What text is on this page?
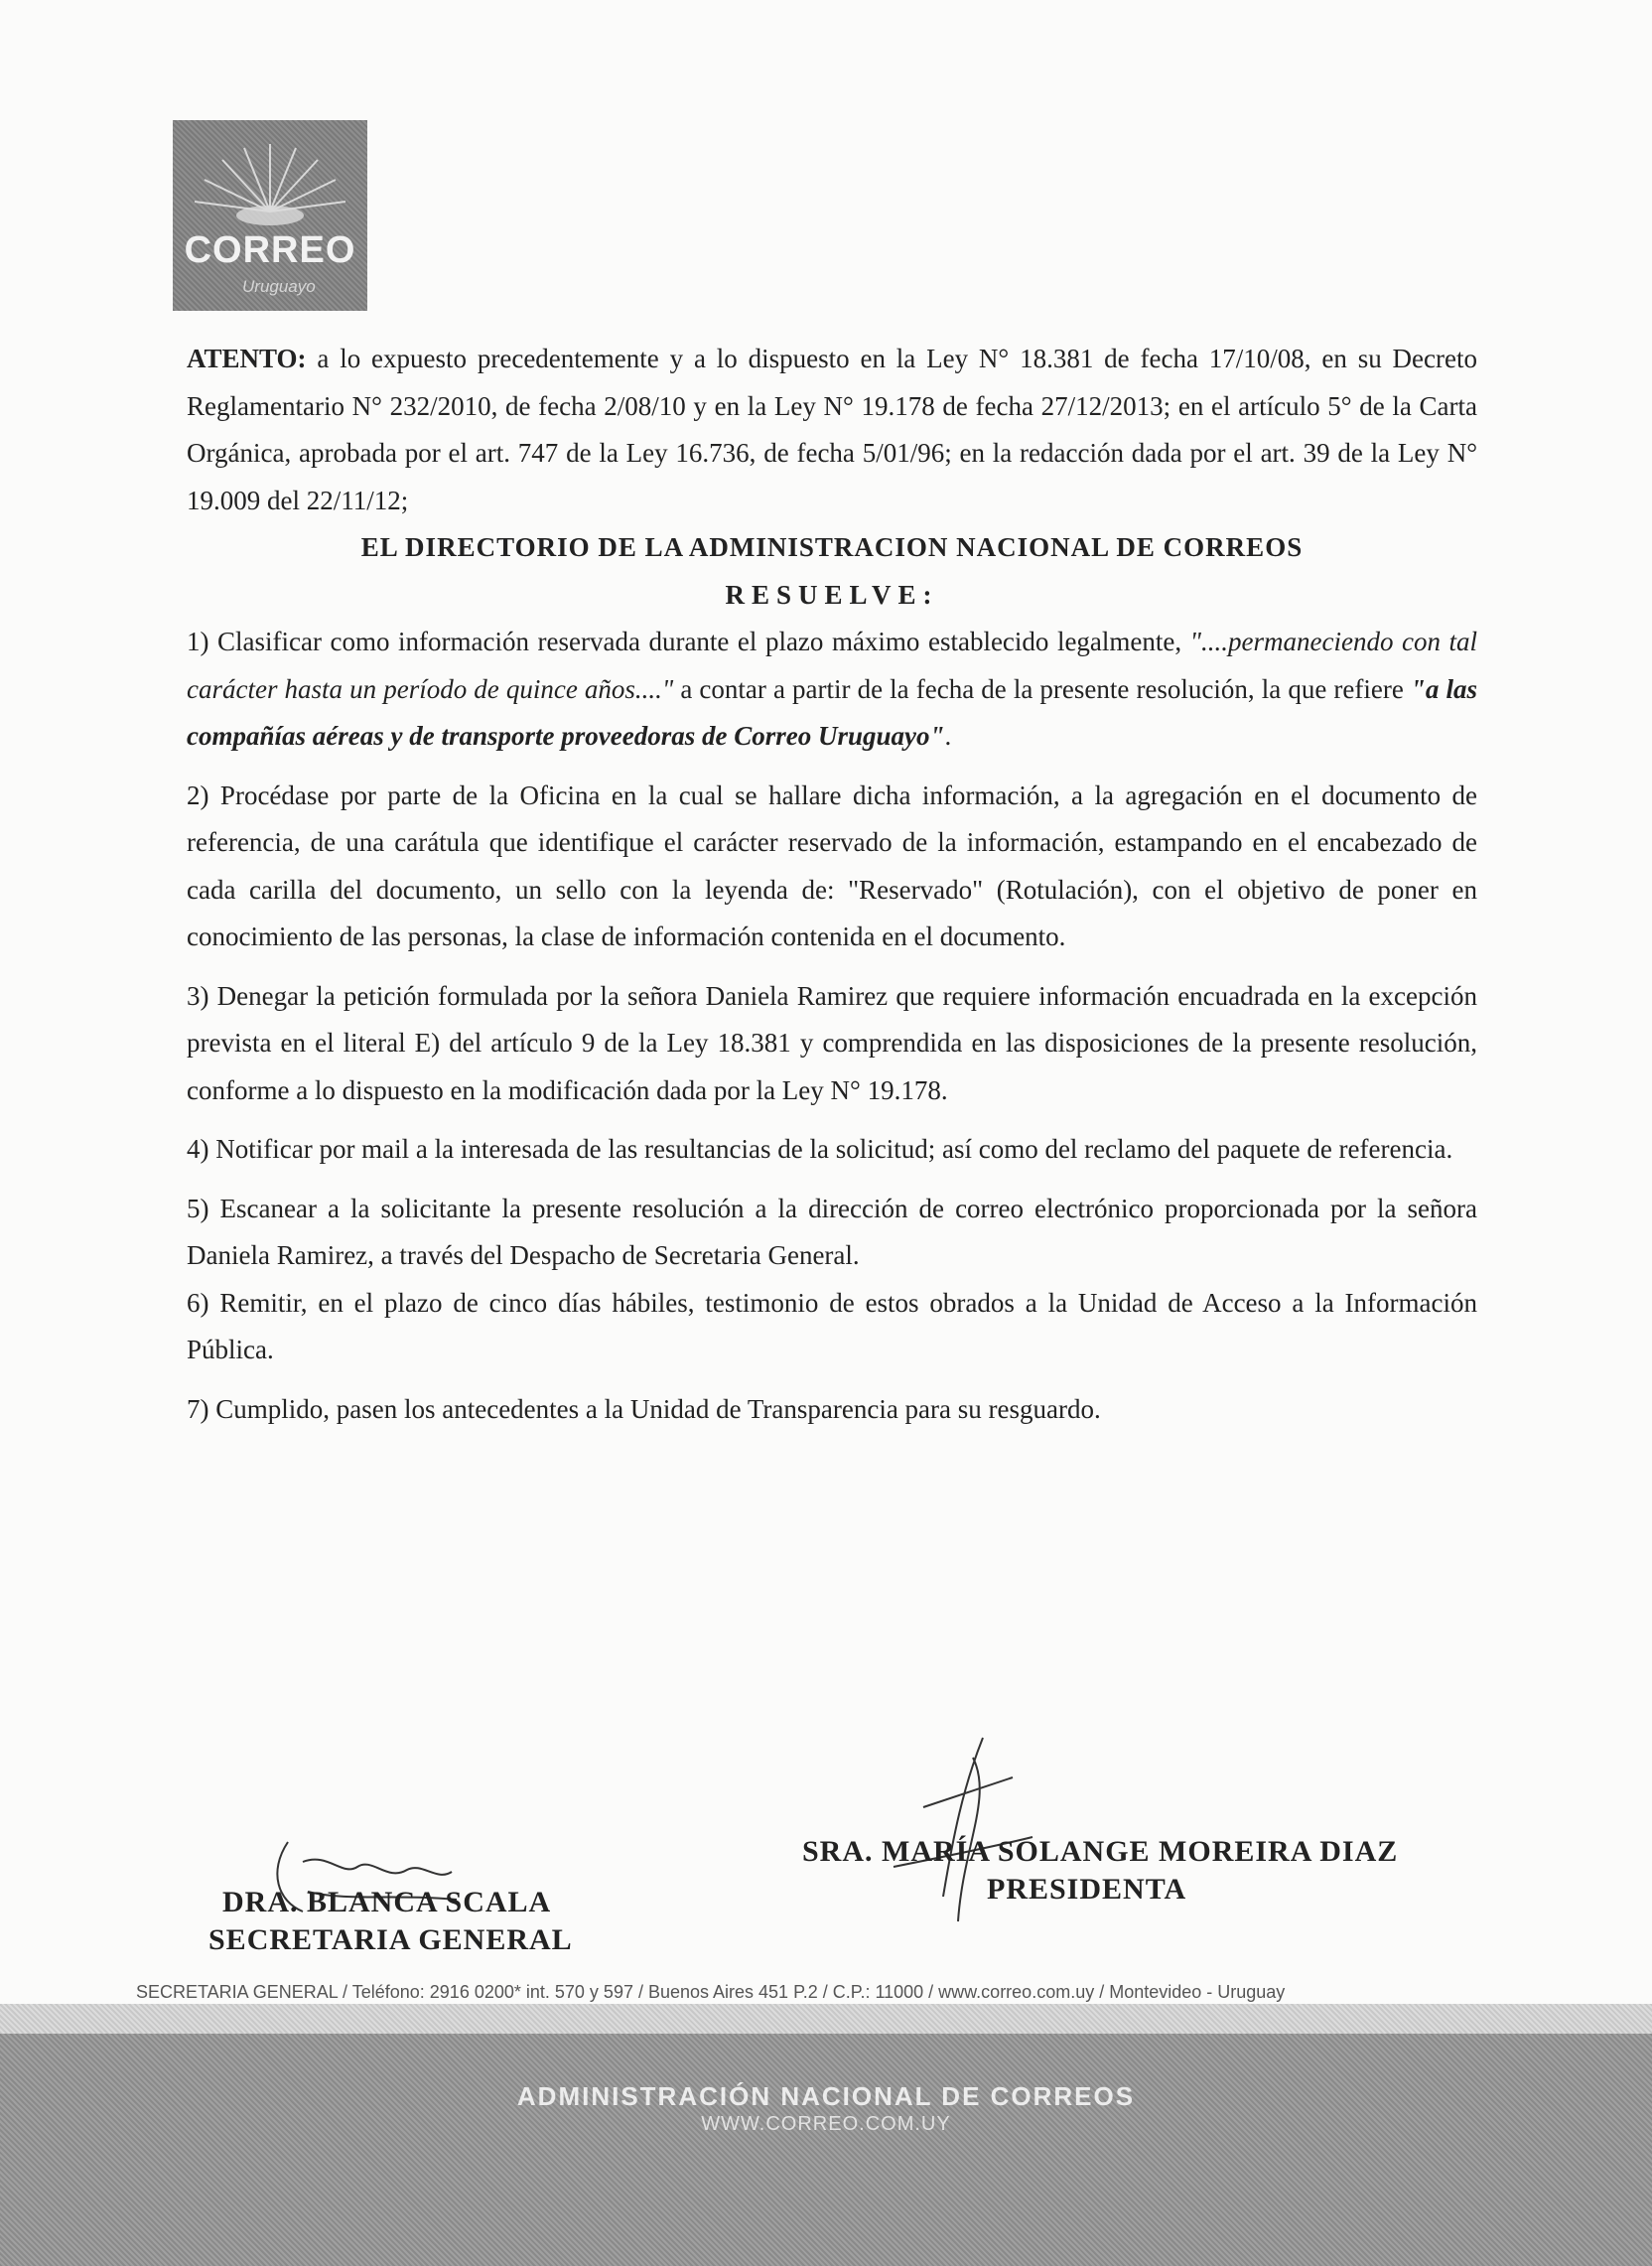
CORREO
Uruguayo

ATENTO: a lo expuesto precedentemente y a lo dispuesto en la Ley N° 18.381 de fecha 17/10/08, en su Decreto Reglamentario N° 232/2010, de fecha 2/08/10 y en la Ley N° 19.178 de fecha 27/12/2013; en el artículo 5° de la Carta Orgánica, aprobada por el art. 747 de la Ley 16.736, de fecha 5/01/96; en la redacción dada por el art. 39 de la Ley N° 19.009 del 22/11/12;

EL DIRECTORIO DE LA ADMINISTRACION NACIONAL DE CORREOS

RESUELVE:

1) Clasificar como información reservada durante el plazo máximo establecido legalmente, "....permaneciendo con tal carácter hasta un período de quince años...." a contar a partir de la fecha de la presente resolución, la que refiere "a las compañías aéreas y de transporte proveedoras de Correo Uruguayo".

2) Procédase por parte de la Oficina en la cual se hallare dicha información, a la agregación en el documento de referencia, de una carátula que identifique el carácter reservado de la información, estampando en el encabezado de cada carilla del documento, un sello con la leyenda de: "Reservado" (Rotulación), con el objetivo de poner en conocimiento de las personas, la clase de información contenida en el documento.

3) Denegar la petición formulada por la señora Daniela Ramirez que requiere información encuadrada en la excepción prevista en el literal E) del artículo 9 de la Ley 18.381 y comprendida en las disposiciones de la presente resolución, conforme a lo dispuesto en la modificación dada por la Ley N° 19.178.

4) Notificar por mail a la interesada de las resultancias de la solicitud; así como del reclamo del paquete de referencia.

5) Escanear a la solicitante la presente resolución a la dirección de correo electrónico proporcionada por la señora Daniela Ramirez, a través del Despacho de Secretaria General.

6) Remitir, en el plazo de cinco días hábiles, testimonio de estos obrados a la Unidad de Acceso a la Información Pública.

7) Cumplido, pasen los antecedentes a la Unidad de Transparencia para su resguardo.

DRA. BLANCA SCALA
SECRETARIA GENERAL
SRA. MARÍA SOLANGE MOREIRA DIAZ
PRESIDENTA
SECRETARIA GENERAL / Teléfono: 2916 0200* int. 570 y 597 / Buenos Aires 451 P.2 / C.P.: 11000 / www.correo.com.uy / Montevideo - Uruguay
ADMINISTRACIÓN NACIONAL DE CORREOS
WWW.CORREO.COM.UY
